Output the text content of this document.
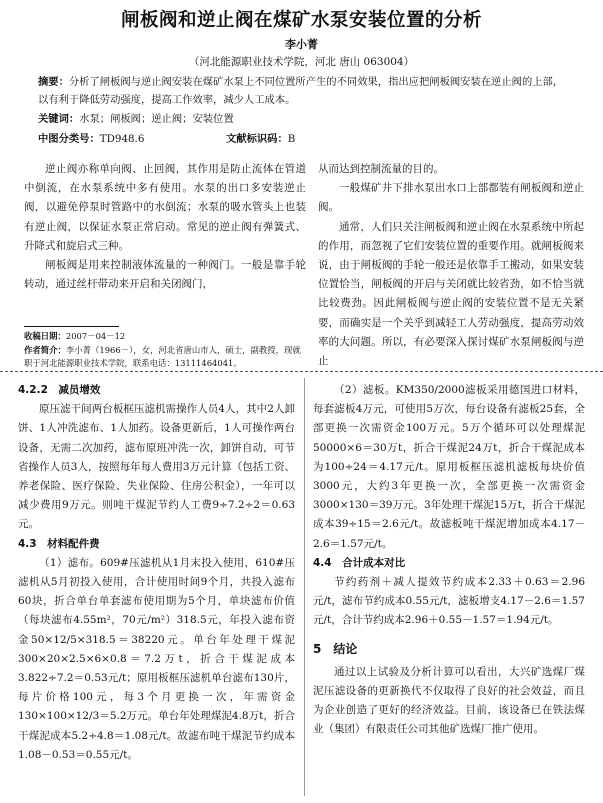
闸板阀和逆止阀在煤矿水泵安装位置的分析
李小菁
（河北能源职业技术学院，河北 唐山 063004）
摘要：分析了闸板阀与逆止阀安装在煤矿水泵上不同位置所产生的不同效果，指出应把闸板阀安装在逆止阀的上部，以有利于降低劳动强度，提高工作效率，减少人工成本。
关键词：水泵；闸板阀；逆止阀；安装位置
中图分类号：TD948.6	文献标识码：B

逆止阀亦称单向阀、止回阀，其作用是防止流体在管道中倒流，在水泵系统中多有使用。水泵的出口多安装逆止阀，以避免停泵时管路中的水倒流；水泵的吸水管头上也装有逆止阀，以保证水泵正常启动。常见的逆止阀有弹簧式、升降式和旋启式三种。

闸板阀是用来控制液体流量的一种阀门。一般是靠手轮转动，通过丝杆带动来开启和关闭阀门，

收稿日期：2007－04－12
作者简介：李小菁（1966－），女，河北省唐山市人，硕士，副教授，现就职于河北能源职业技术学院，联系电话：13111464041。

从而达到控制流量的目的。

一般煤矿井下排水泵出水口上部都装有闸板阀和逆止阀。

通常，人们只关注闸板阀和逆止阀在水泵系统中所起的作用，而忽视了它们安装位置的重要作用。就闸板阀来说，由于闸板阀的手轮一般还是依靠手工搬动，如果安装位置恰当，闸板阀的开启与关闭就比较省劲，如不恰当就比较费劲。因此闸板阀与逆止阀的安装位置不是无关紧要，而确实是一个关乎到减轻工人劳动强度，提高劳动效率的大问题。所以，有必要深入探讨煤矿水泵闸板阀与逆止

4.2.2　减员增效

原压滤干间两台板框压滤机需操作人员4人，其中2人卸饼、1人冲洗滤布、1人加药。设备更新后，1人可操作两台设备，无需二次加药，滤布原班冲洗一次，卸饼自动，可节省操作人员3人，按照每年每人费用3万元计算（包括工资、养老保险、医疗保险、失业保险、住房公积金），一年可以减少费用9万元。则吨干煤泥节约人工费9÷7.2÷2＝0.63元。

4.3　材料配件费

（1）滤布。609#压滤机从1月末投入使用，610#压滤机从5月初投入使用，合计使用时间9个月，共投入滤布60块，折合单台单套滤布使用期为5个月，单块滤布价值（每块滤布4.55m²，70元/m²）318.5元，年投入滤布资金50×12/5×318.5＝38220元。单台年处理干煤泥300×20×2.5×6×0.8＝7.2万t，折合干煤泥成本3.822÷7.2＝0.53元/t；原用板框压滤机单台滤布130片，每片价格100元，每3个月更换一次，年需资金130×100×12/3＝5.2万元。单台年处理煤泥4.8万t，折合干煤泥成本5.2÷4.8＝1.08元/t。故滤布吨干煤泥节约成本1.08－0.53＝0.55元/t。

（2）滤板。KM350/2000滤板采用德国进口材料，每套滤板4万元，可使用5万次，每台设备有滤板25套，全部更换一次需资金100万元。5万个循环可以处理煤泥50000×6＝30万t，折合干煤泥24万t，折合干煤泥成本为100÷24＝4.17元/t。原用板框压滤机滤板每块价值3000元，大约3年更换一次，全部更换一次需资金3000×130＝39万元。3年处理干煤泥15万t，折合干煤泥成本39÷15＝2.6元/t。故滤板吨干煤泥增加成本4.17－2.6＝1.57元/t。

4.4　合计成本对比

节约药剂＋减人提效节约成本2.33＋0.63＝2.96元/t，滤布节约成本0.55元/t，滤板增支4.17－2.6＝1.57元/t，合计节约成本2.96＋0.55－1.57＝1.94元/t。

5　结论

通过以上试验及分析计算可以看出，大兴矿选煤厂煤泥压滤设备的更新换代不仅取得了良好的社会效益，而且为企业创造了更好的经济效益。目前，该设备已在铁法煤业（集团）有限责任公司其他矿选煤厂推广使用。
